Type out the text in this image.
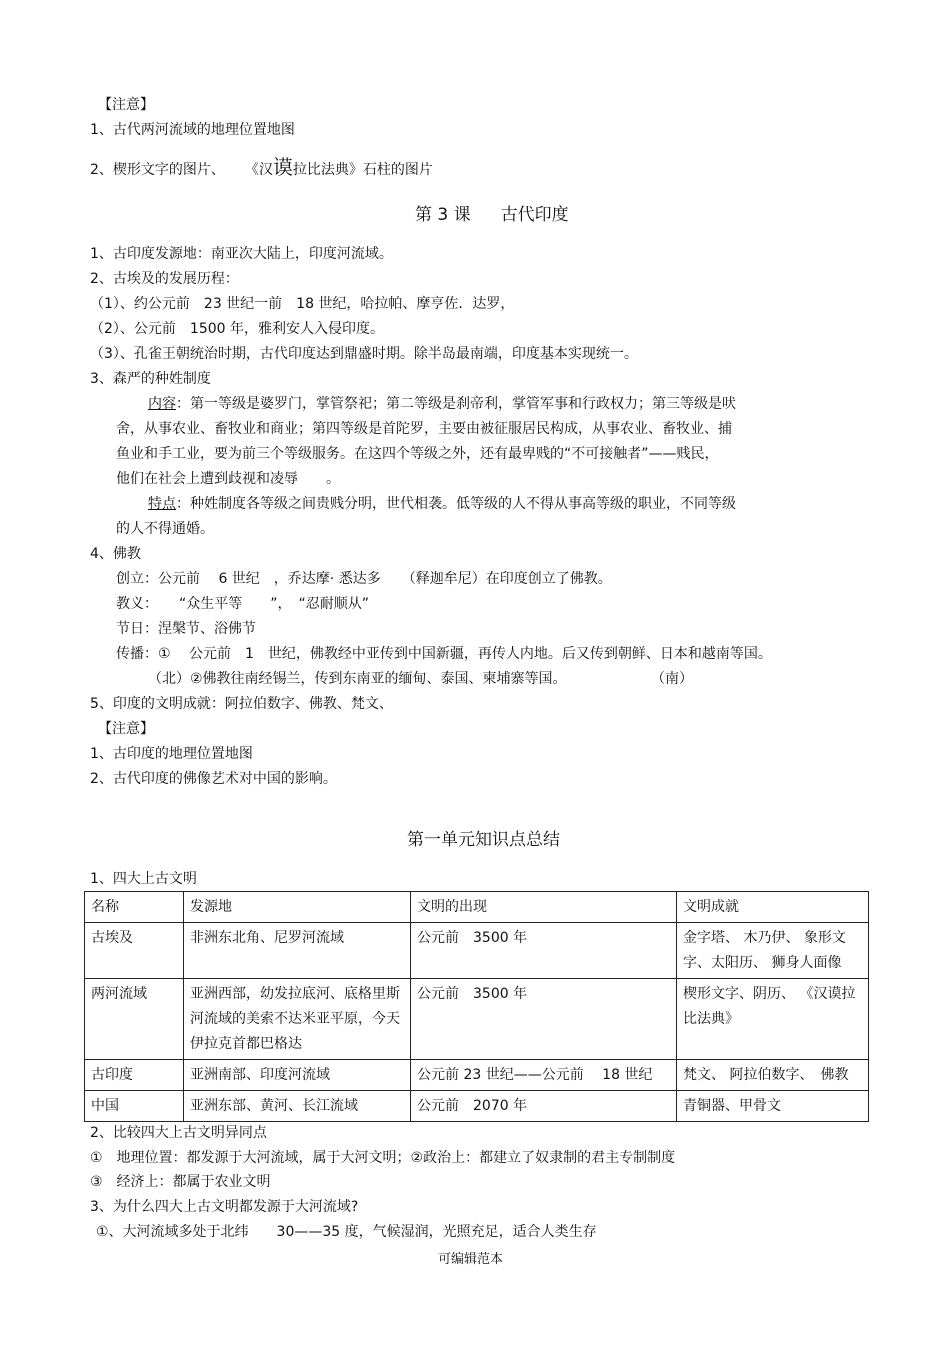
【注意】
1、古代两河流域的地理位置地图
2、楔形文字的图片、 《汉谟拉比法典》石柱的图片
第 3 课 古代印度
1、古印度发源地：南亚次大陆上，印度河流域。
2、古埃及的发展历程：
（1）、约公元前　23 世纪一前　18 世纪，哈拉帕、摩亨佐．达罗，
（2）、公元前　1500 年，雅利安人入侵印度。
（3）、孔雀王朝统治时期，古代印度达到鼎盛时期。除半岛最南端，印度基本实现统一。
3、森严的种姓制度
内容：第一等级是婆罗门，掌管祭祀；第二等级是刹帝利，掌管军事和行政权力；第三等级是吠
舍，从事农业、畜牧业和商业；第四等级是首陀罗，主要由被征服居民构成，从事农业、畜牧业、捕
鱼业和手工业，要为前三个等级服务。在这四个等级之外，还有最卑贱的“不可接触者”——贱民，
他们在社会上遭到歧视和凌辱　　。
特点：种姓制度各等级之间贵贱分明，世代相袭。低等级的人不得从事高等级的职业，不同等级
的人不得通婚。
4、佛教
创立：公元前　 6 世纪　，乔达摩· 悉达多　　（释迦牟尼）在印度创立了佛教。
教义：　　“众生平等　　”，　“忍耐顺从”
节日：涅槃节、浴佛节
传播：①　 公元前　1　世纪，佛教经中亚传到中国新疆，再传人内地。后又传到朝鲜、日本和越南等国。
（北）②佛教往南经锡兰，传到东南亚的缅甸、泰国、柬埔寨等国。	（南）
5、印度的文明成就：阿拉伯数字、佛教、梵文、
【注意】
1、古印度的地理位置地图
2、古代印度的佛像艺术对中国的影响。
第一单元知识点总结
1、四大上古文明
名称	发源地	文明的出现	文明成就
古埃及	非洲东北角、尼罗河流域	公元前　3500 年	金字塔、 木乃伊、 象形文字、太阳历、 狮身人面像
两河流域	亚洲西部，幼发拉底河、底格里斯河流域的美索不达米亚平原，今天伊拉克首都巴格达	公元前　3500 年	楔形文字、阴历、 《汉谟拉比法典》
古印度	亚洲南部、印度河流域	公元前 23 世纪——公元前　 18 世纪	梵文、 阿拉伯数字、　佛教
中国	亚洲东部、黄河、长江流域	公元前　2070 年	青铜器、甲骨文
2、比较四大上古文明异同点
①　地理位置：都发源于大河流域，属于大河文明；②政治上：都建立了奴隶制的君主专制制度
③　经济上：都属于农业文明
3、为什么四大上古文明都发源于大河流域?
①、大河流域多处于北纬　　30——35 度，气候湿润，光照充足，适合人类生存
可编辑范本
